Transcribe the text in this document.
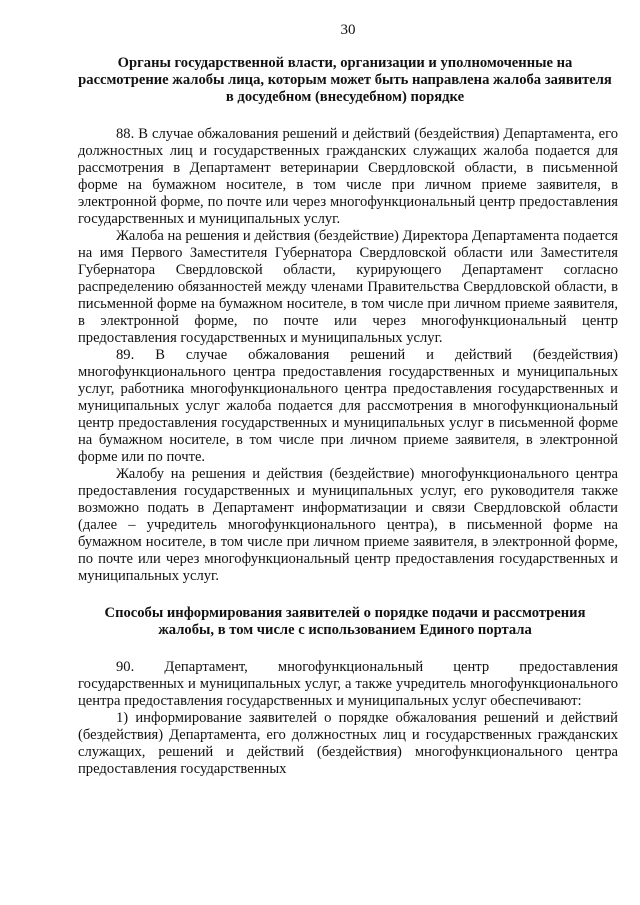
30
Органы государственной власти, организации и уполномоченные на рассмотрение жалобы лица, которым может быть направлена жалоба заявителя в досудебном (внесудебном) порядке

88. В случае обжалования решений и действий (бездействия) Департамента, его должностных лиц и государственных гражданских служащих жалоба подается для рассмотрения в Департамент ветеринарии Свердловской области, в письменной форме на бумажном носителе, в том числе при личном приеме заявителя, в электронной форме, по почте или через многофункциональный центр предоставления государственных и муниципальных услуг.

Жалоба на решения и действия (бездействие) Директора Департамента подается на имя Первого Заместителя Губернатора Свердловской области или Заместителя Губернатора Свердловской области, курирующего Департамент согласно распределению обязанностей между членами Правительства Свердловской области, в письменной форме на бумажном носителе, в том числе при личном приеме заявителя, в электронной форме, по почте или через многофункциональный центр предоставления государственных и муниципальных услуг.

89. В случае обжалования решений и действий (бездействия) многофункционального центра предоставления государственных и муниципальных услуг, работника многофункционального центра предоставления государственных и муниципальных услуг жалоба подается для рассмотрения в многофункциональный центр предоставления государственных и муниципальных услуг в письменной форме на бумажном носителе, в том числе при личном приеме заявителя, в электронной форме или по почте.

Жалобу на решения и действия (бездействие) многофункционального центра предоставления государственных и муниципальных услуг, его руководителя также возможно подать в Департамент информатизации и связи Свердловской области (далее – учредитель многофункционального центра), в письменной форме на бумажном носителе, в том числе при личном приеме заявителя, в электронной форме, по почте или через многофункциональный центр предоставления государственных и муниципальных услуг.

Способы информирования заявителей о порядке подачи и рассмотрения жалобы, в том числе с использованием Единого портала

90. Департамент, многофункциональный центр предоставления государственных и муниципальных услуг, а также учредитель многофункционального центра предоставления государственных и муниципальных услуг обеспечивают:

1) информирование заявителей о порядке обжалования решений и действий (бездействия) Департамента, его должностных лиц и государственных гражданских служащих, решений и действий (бездействия) многофункционального центра предоставления государственных
